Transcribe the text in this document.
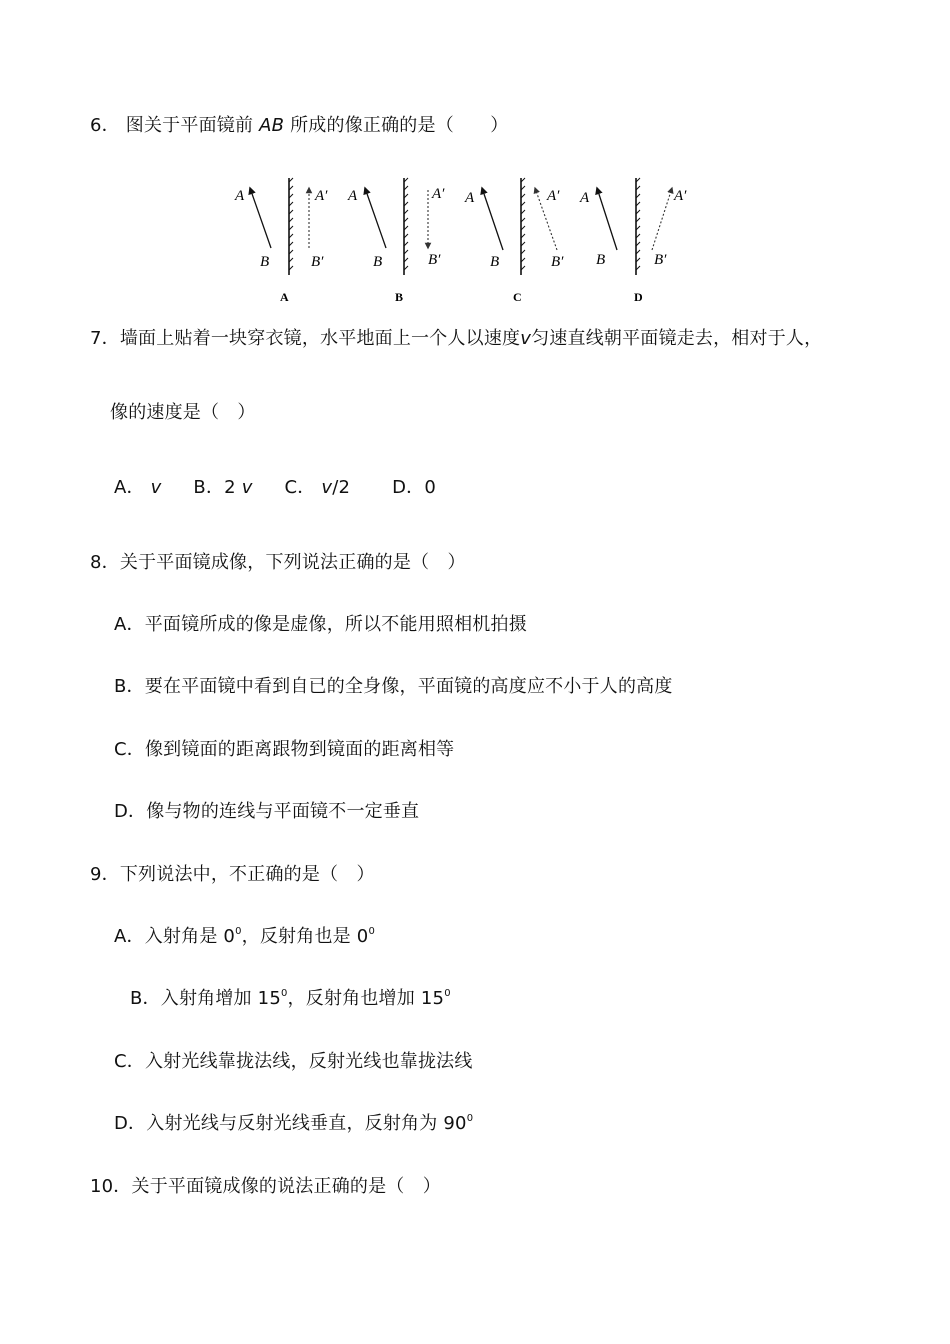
6． 图关于平面镜前 AB 所成的像正确的是（　　）
A
B
A′
B′
A
A
B
A′
B′
B
A
B
A′
B′
C
A
B
A′
B′
D
7．墙面上贴着一块穿衣镜，水平地面上一个人以速度v匀速直线朝平面镜走去，相对于人，
像的速度是（　）
A． v B．2 v C． v/2 D．0
8．关于平面镜成像，下列说法正确的是（　）
A．平面镜所成的像是虚像，所以不能用照相机拍摄
B．要在平面镜中看到自已的全身像，平面镜的高度应不小于人的高度
C．像到镜面的距离跟物到镜面的距离相等
D．像与物的连线与平面镜不一定垂直
9．下列说法中，不正确的是（　）
A．入射角是 $0^0$，反射角也是 $0^0$
B．入射角增加 $15^0$，反射角也增加 $15^0$
C．入射光线靠拢法线，反射光线也靠拢法线
D．入射光线与反射光线垂直，反射角为 $90^0$
10．关于平面镜成像的说法正确的是（　）
